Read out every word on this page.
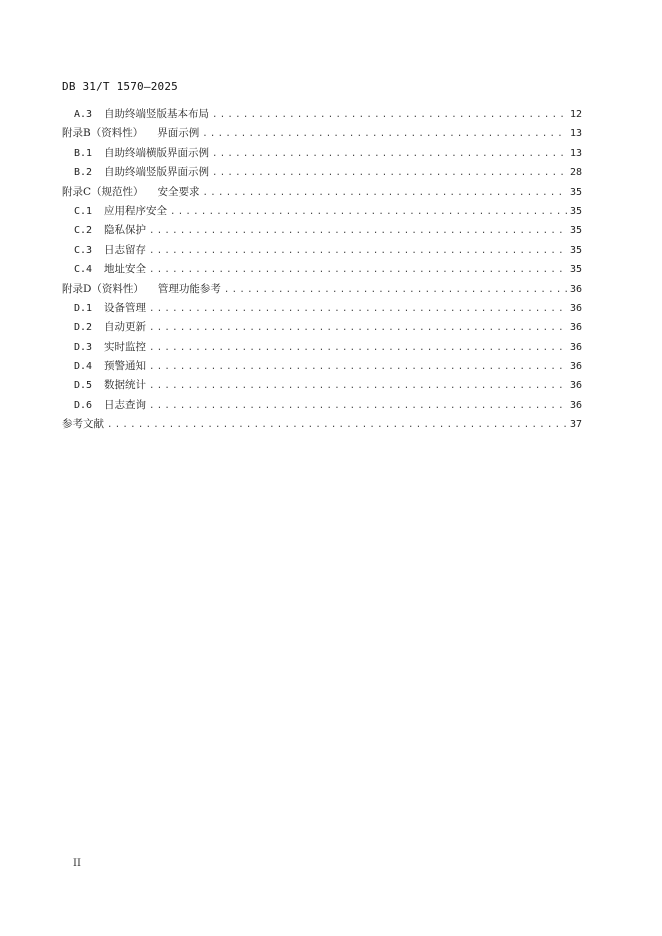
DB 31/T 1570—2025
A.3	自助终端竖版基本布局 .....	12
附录B （资料性） 界面示例 .....	13
B.1	自助终端横版界面示例 .....	13
B.2	自助终端竖版界面示例 .....	28
附录C （规范性） 安全要求 .....	35
C.1	应用程序安全 .....	35
C.2	隐私保护 .....	35
C.3	日志留存 .....	35
C.4	地址安全 .....	35
附录D （资料性） 管理功能参考 .....	36
D.1	设备管理 .....	36
D.2	自动更新 .....	36
D.3	实时监控 .....	36
D.4	预警通知 .....	36
D.5	数据统计 .....	36
D.6	日志查询 .....	36
参考文献 .....	37
II
